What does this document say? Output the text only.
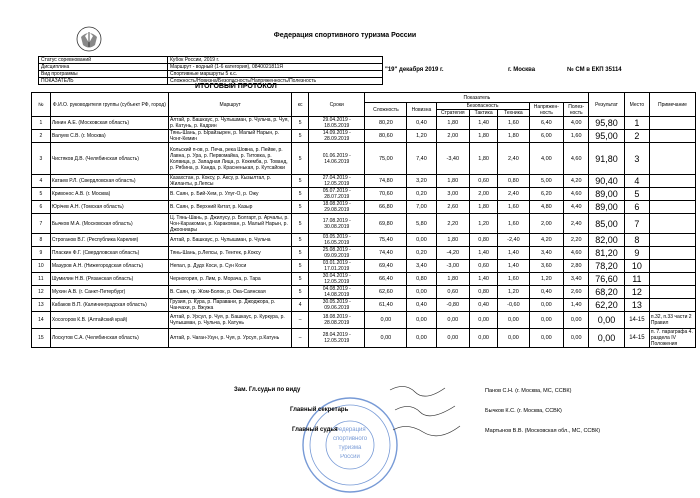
Федерация спортивного туризма России
Статус соревнований	Кубок России, 2019 г.
Дисциплина	Маршрут - водный (1-6 категория), 0840021811Я
Вид программы	Спортивные маршруты 5 к.с.
ПОКАЗАТЕЛЬ	Сложность/Новизна/Безопасность/Напряженность/Полезность
"19" декабря 2019 г.	г. Москва	№ СМ в ЕКП 35114
ИТОГОВЫЙ ПРОТОКОЛ
№	Ф.И.О. руководителя группы (субъект РФ, город)	Маршрут	кс	Сроки	Показатель							Результат	Место	Примечание
					Сложность	Новизна	Безопасность			Напряжен-ность	Полез-ность			
							Стратегия	Тактика	Техника					
1	Линин А.Е. (Московская область)	Алтай, р. Башкаус, р. Чулышман, р. Чульча, р. Чуя, р. Катунь, р. Кадрин	5	29.04.2019 - 18.05.2019	80,20	0,40	1,80	1,40	1,60	6,40	4,00	95,80	1	
2	Валуев С.В. (г. Москва)	Тянь-Шань, р. Ырайзырен, р. Малый Нарын, р. Чонг-Кемин	5	14.09.2019 - 28.09.2019	80,60	1,20	2,00	1,80	1,80	6,00	1,60	95,00	2	
3	Чистяков Д.В. (Челябинская область)	Кольский п-ов, р. Печа, река Шовна, р. Пейве, р. Лавна, р. Ура, р. Первомайка, р. Титовка, р. Колвица, р. Западная Лица, р. Кокемба, р. Тованд, р. Рябина, р. Канда, р. Красненькая, р. Кутсайоки	5	01.06.2019 - 14.06.2019	75,00	7,40	-3,40	1,80	2,40	4,00	4,60	91,80	3	
4	Катаев Р.Л. (Свердловская область)	Казахстан, р. Коксу, р. Аксу, р. Кызылтал, р. Жиланты, р.Лепсы	5	27.04.2019 - 12.05.2019	74,80	3,20	1,80	0,60	0,80	5,00	4,20	90,40	4	
5	Кривонос А.В. (г. Москва)	В. Саян, р. Бий-Хем, р. Улуг-О, р. Ожу	5	05.07.2019 - 28.07.2019	70,60	0,20	3,00	2,00	2,40	6,20	4,60	89,00	5	
6	Юрічев А.Н. (Томская область)	В. Саян, р. Верхний Китат, р. Казыр	5	18.08.2019 - 29.08.2019	66,80	7,00	2,60	1,80	1,60	4,80	4,40	89,00	6	
7	Бычков М.А. (Московская область)	Ц. Тянь-Шань, р. Джилусу, р. Болгарт, р. Арчалы, р. Чон-Каракоман, р. Каракоман, р. Малый Нарын, р. Джоониары	5	17.08.2019 - 30.08.2019	69,80	5,80	2,20	1,20	1,60	2,00	2,40	85,00	7	
8	Строганов В.Г. (Республика Карелия)	Алтай, р. Башкаус, р. Чулышман, р. Чульча	5	03.05.2019 - 16.05.2019	75,40	0,00	1,80	0,80	-2,40	4,20	2,20	82,00	8	
9	Пласкин Ф.Г. (Свердловская область)	Тянь-Шань, р.Лепсы, р. Тентек, р.Коксу	5	25.08.2019 - 09.09.2019	74,40	0,20	-4,20	1,40	1,40	3,40	4,60	81,20	9	
10	Мазуров А.Н. (Нижегородская область)	Непал, р. Дудх Коси, р. Сун Коси	5	03.01.2019 - 17.01.2019	69,40	3,40	-3,00	0,60	1,40	3,60	2,80	78,20	10	
11	Шумилин Н.В. (Рязанская область)	Черногория, р. Лим, р. Морача, р. Тара	5	30.04.2019 - 12.05.2019	66,40	0,80	1,80	1,40	1,60	1,20	3,40	76,60	11	
12	Мухин А.В. (г. Санкт-Петербург)	В. Саян, гр. Жом-Болок, р. Ока-Саянская	5	04.08.2019 - 14.08.2019	62,60	0,00	0,60	0,80	1,20	0,40	2,60	68,20	12	
13	Кабаков В.П. (Калининградская область)	Грузия, р. Кура, р. Паравани, р. Джоджора, р. Чанчахи, р. Вжужа	4	30.05.2019 - 09.06.2019	61,40	0,40	-0,80	0,40	-0,60	0,00	1,40	62,20	13	
14	Хосогоров К.В. (Алтайский край)	Алтай, р. Урсул, р. Чуя, р. Башкаус, р. Куркура, р. Чулышман, р. Чульча, р. Катунь	–	18.08.2019 - 28.08.2019	0,00	0,00	0,00	0,00	0,00	0,00	0,00	0,00	14-15	п.32, п.33 части 2 Правил
15	Лоскутов С.А. (Челябинская область)	Алтай, р. Чаган-Узун, р. Чуя, р. Урсул, р.Катунь	–	28.04.2019 - 12.05.2019	0,00	0,00	0,00	0,00	0,00	0,00	0,00	0,00	14-15	п. 7. параграфа 4. раздела IV Положения
Федерация
спортивного
туризма
России
Зам. Гл.судьи по виду	Панов С.Н. (г. Москва, МС, ССВК)
Главный секретарь	Бычков К.С. (г. Москва, ССВК)
Главный судья	Мартынов В.В. (Московская обл., МС, ССВК)
